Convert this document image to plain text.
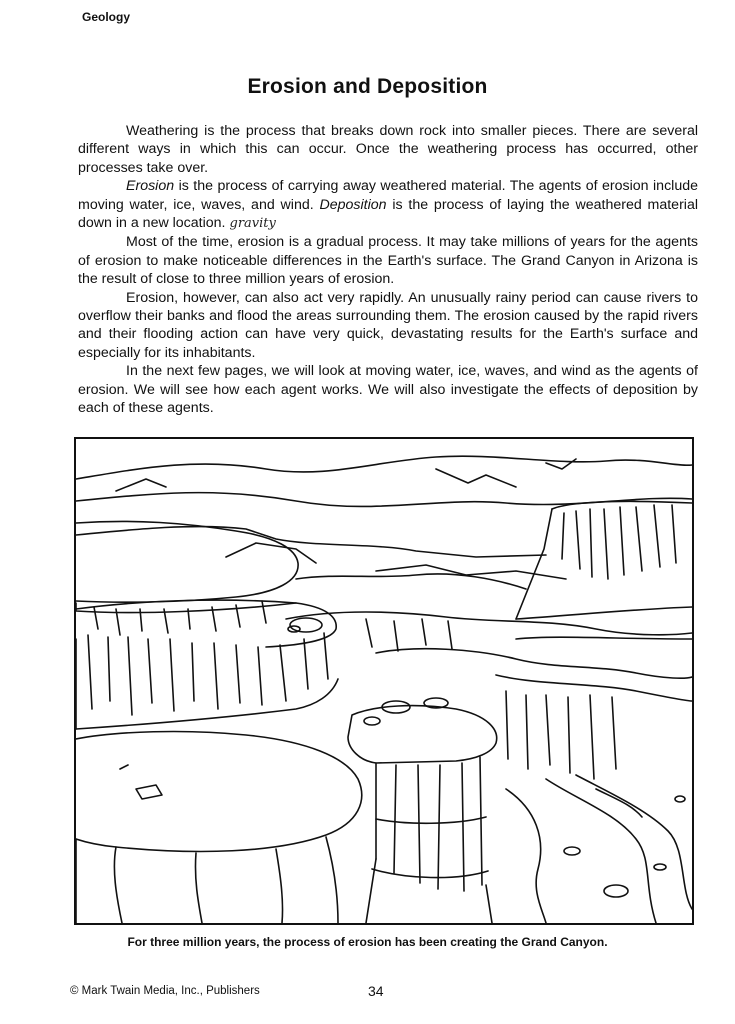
Geology
Erosion and Deposition

Weathering is the process that breaks down rock into smaller pieces. There are several different ways in which this can occur. Once the weathering process has occurred, other processes take over.

Erosion is the process of carrying away weathered material. The agents of erosion include moving water, ice, waves, and wind. Deposition is the process of laying the weathered material down in a new location. gravity

Most of the time, erosion is a gradual process. It may take millions of years for the agents of erosion to make noticeable differences in the Earth's surface. The Grand Canyon in Arizona is the result of close to three million years of erosion.

Erosion, however, can also act very rapidly. An unusually rainy period can cause rivers to overflow their banks and flood the areas surrounding them. The erosion caused by the rapid rivers and their flooding action can have very quick, devastating results for the Earth's surface and especially for its inhabitants.

In the next few pages, we will look at moving water, ice, waves, and wind as the agents of erosion. We will see how each agent works. We will also investigate the effects of deposition by each of these agents.

For three million years, the process of erosion has been creating the Grand Canyon.
© Mark Twain Media, Inc., Publishers	34
